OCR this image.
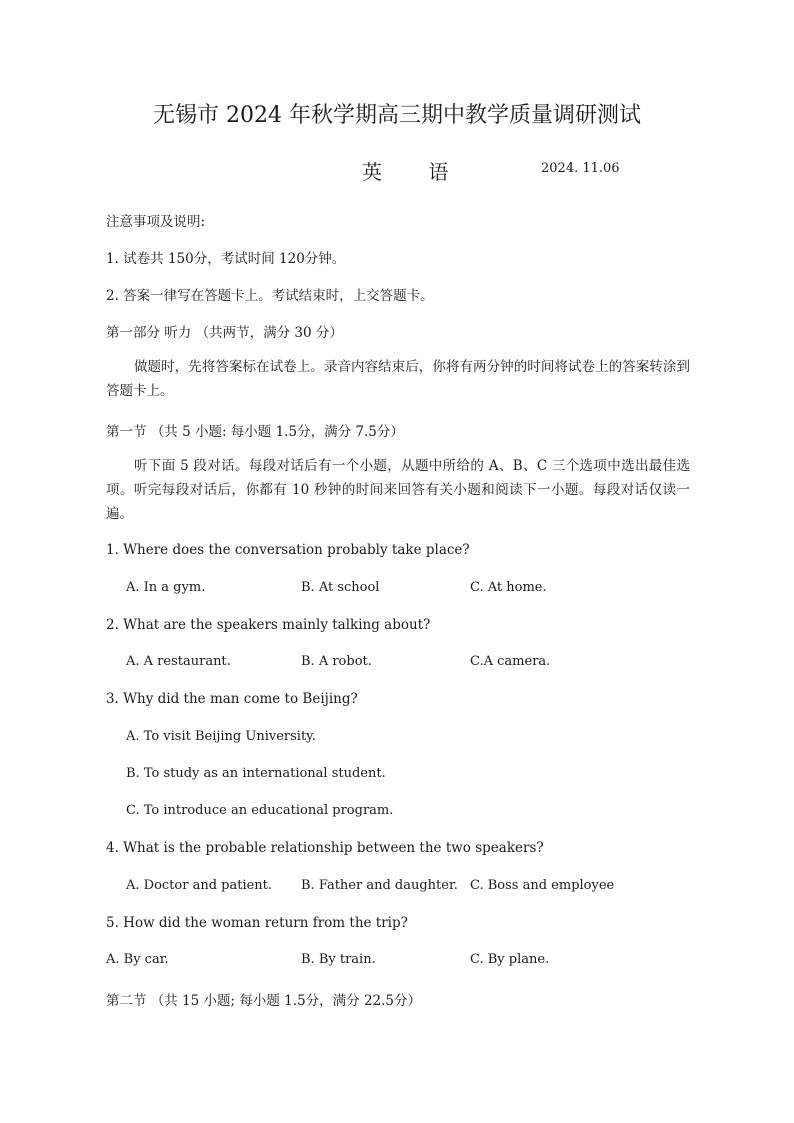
无锡市 2024 年秋学期高三期中教学质量调研测试
英 语	2024. 11.06
注意事项及说明:
1. 试卷共 150分，考试时间 120分钟。
2. 答案一律写在答题卡上。考试结束时，上交答题卡。
第一部分 听力 （共两节，满分 30 分）
做题时，先将答案标在试卷上。录音内容结束后，你将有两分钟的时间将试卷上的答案转涂到答题卡上。
第一节 （共 5 小题: 每小题 1.5分，满分 7.5分）
听下面 5 段对话。每段对话后有一个小题，从题中所给的 A、B、C 三个选项中选出最佳选项。听完每段对话后，你都有 10 秒钟的时间来回答有关小题和阅读下一小题。每段对话仅读一遍。
1. Where does the conversation probably take place?
A. In a gym.	B. At school	C. At home.
2. What are the speakers mainly talking about?
A. A restaurant.	B. A robot.	C.A camera.
3. Why did the man come to Beijing?
A. To visit Beijing University.
B. To study as an international student.
C. To introduce an educational program.
4. What is the probable relationship between the two speakers?
A. Doctor and patient. B. Father and daughter. C. Boss and employee
5. How did the woman return from the trip?
A. By car.	B. By train.	C. By plane.
第二节 （共 15 小题; 每小题 1.5分，满分 22.5分）
